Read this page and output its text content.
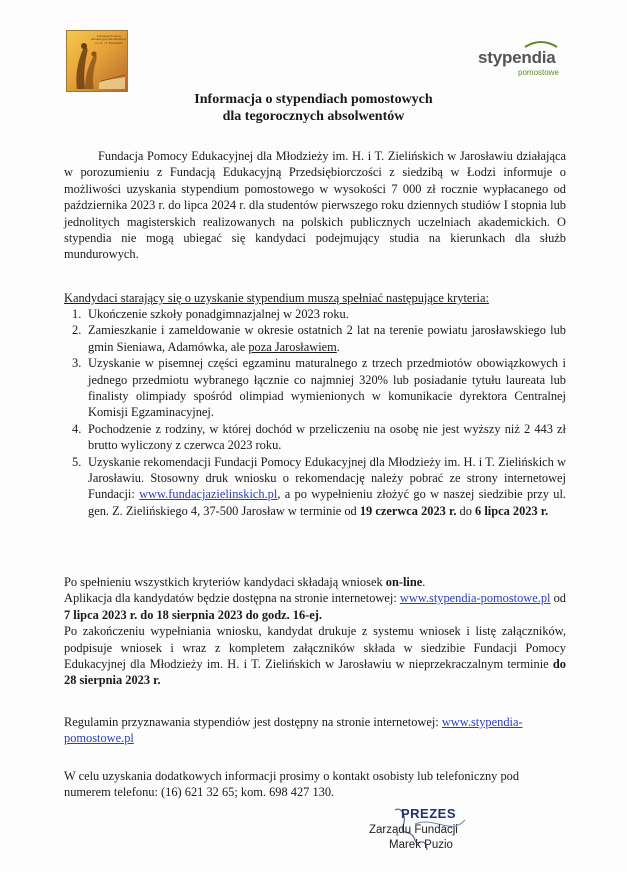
Fundacja Pomocy Edukacyjnej dla Młodzieży im. H. i T. Zielińskich
stypendia
pomostowe
Informacja o stypendiach pomostowych
dla tegorocznych absolwentów

Fundacja Pomocy Edukacyjnej dla Młodzieży im. H. i T. Zielińskich w Jarosławiu działająca w porozumieniu z Fundacją Edukacyjną Przedsiębiorczości z siedzibą w Łodzi informuje o możliwości uzyskania stypendium pomostowego w wysokości 7 000 zł rocznie wypłacanego od października 2023 r. do lipca 2024 r. dla studentów pierwszego roku dziennych studiów I stopnia lub jednolitych magisterskich realizowanych na polskich publicznych uczelniach akademickich. O stypendia nie mogą ubiegać się kandydaci podejmujący studia na kierunkach dla służb mundurowych.

Kandydaci starający się o uzyskanie stypendium muszą spełniać następujące kryteria:

1. Ukończenie szkoły ponadgimnazjalnej w 2023 roku.
2. Zamieszkanie i zameldowanie w okresie ostatnich 2 lat na terenie powiatu jarosławskiego lub gmin Sieniawa, Adamówka, ale poza Jarosławiem.
3. Uzyskanie w pisemnej części egzaminu maturalnego z trzech przedmiotów obowiązkowych i jednego przedmiotu wybranego łącznie co najmniej 320% lub posiadanie tytułu laureata lub finalisty olimpiady spośród olimpiad wymienionych w komunikacie dyrektora Centralnej Komisji Egzaminacyjnej.
4. Pochodzenie z rodziny, w której dochód w przeliczeniu na osobę nie jest wyższy niż 2 443 zł brutto wyliczony z czerwca 2023 roku.
5. Uzyskanie rekomendacji Fundacji Pomocy Edukacyjnej dla Młodzieży im. H. i T. Zielińskich w Jarosławiu. Stosowny druk wniosku o rekomendację należy pobrać ze strony internetowej Fundacji: www.fundacjazielinskich.pl, a po wypełnieniu złożyć go w naszej siedzibie przy ul. gen. Z. Zielińskiego 4, 37-500 Jarosław w terminie od 19 czerwca 2023 r. do 6 lipca 2023 r.
Po spełnieniu wszystkich kryteriów kandydaci składają wniosek on-line.
Aplikacja dla kandydatów będzie dostępna na stronie internetowej: www.stypendia-pomostowe.pl od 7 lipca 2023 r. do 18 sierpnia 2023 do godz. 16-ej.
Po zakończeniu wypełniania wniosku, kandydat drukuje z systemu wniosek i listę załączników, podpisuje wniosek i wraz z kompletem załączników składa w siedzibie Fundacji Pomocy Edukacyjnej dla Młodzieży im. H. i T. Zielińskich w Jarosławiu w nieprzekraczalnym terminie do 28 sierpnia 2023 r.

Regulamin przyznawania stypendiów jest dostępny na stronie internetowej: www.stypendia-pomostowe.pl

W celu uzyskania dodatkowych informacji prosimy o kontakt osobisty lub telefoniczny pod numerem telefonu: (16) 621 32 65; kom. 698 427 130.

PREZES
Zarządu Fundacji
Marek Puzio
